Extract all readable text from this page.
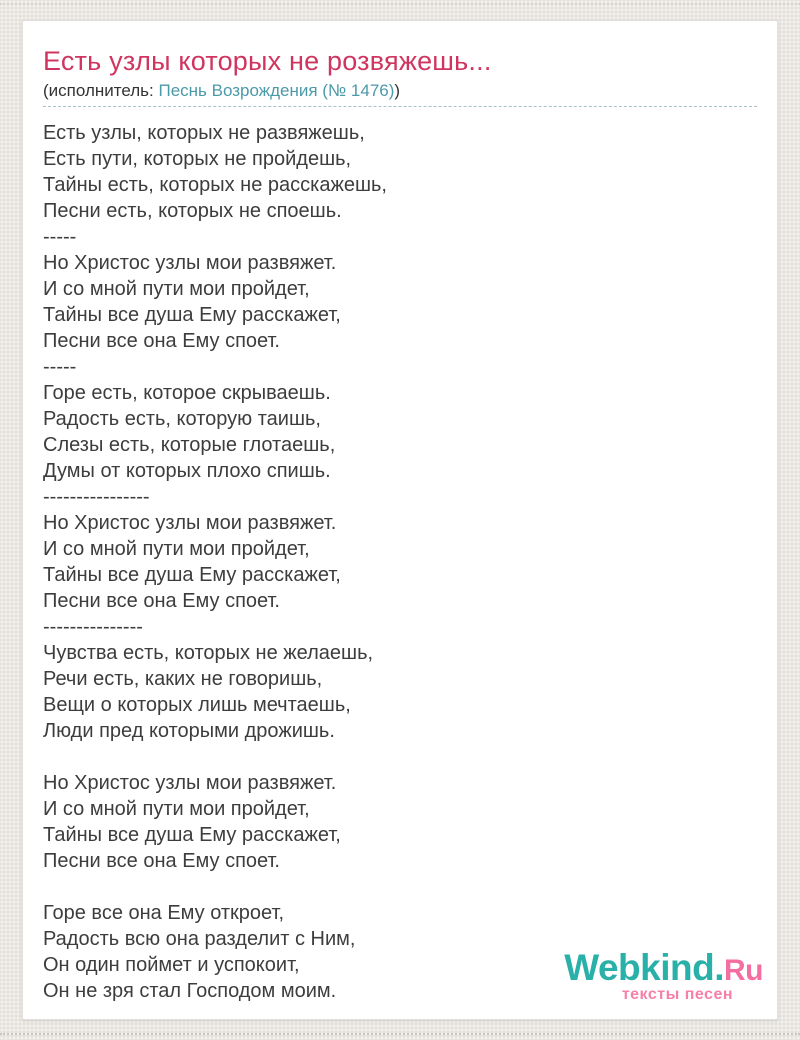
Есть узлы которых не розвяжешь...
(исполнитель: Песнь Возрождения (№ 1476))

Есть узлы, которых не развяжешь,

Есть пути, которых не пройдешь,

Тайны есть, которых не расскажешь,

Песни есть, которых не споешь.

-----

Но Христос узлы мои развяжет.

И со мной пути мои пройдет,

Тайны все душа Ему расскажет,

Песни все она Ему споет.

-----

Горе есть, которое скрываешь.

Радость есть, которую таишь,

Слезы есть, которые глотаешь,

Думы от которых плохо спишь.

----------------

Но Христос узлы мои развяжет.

И со мной пути мои пройдет,

Тайны все душа Ему расскажет,

Песни все она Ему споет.

---------------

Чувства есть, которых не желаешь,

Речи есть, каких не говоришь,

Вещи о которых лишь мечтаешь,

Люди пред которыми дрожишь.

Но Христос узлы мои развяжет.

И со мной пути мои пройдет,

Тайны все душа Ему расскажет,

Песни все она Ему споет.

Горе все она Ему откроет,

Радость всю она разделит с Ним,

Он один поймет и успокоит,

Он не зря стал Господом моим.

Webkind.Ru
тексты песен
